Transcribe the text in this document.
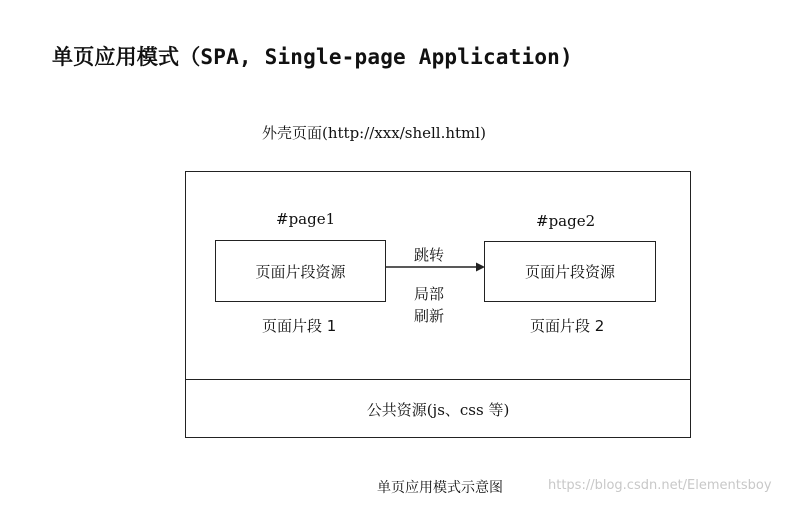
单页应用模式（SPA, Single-page Application)
外壳页面(http://xxx/shell.html)
#page1
页面片段资源
页面片段 1
跳转
局部刷新
#page2
页面片段资源
页面片段 2
公共资源(js、css 等)
单页应用模式示意图	https://blog.csdn.net/Elementsboy
